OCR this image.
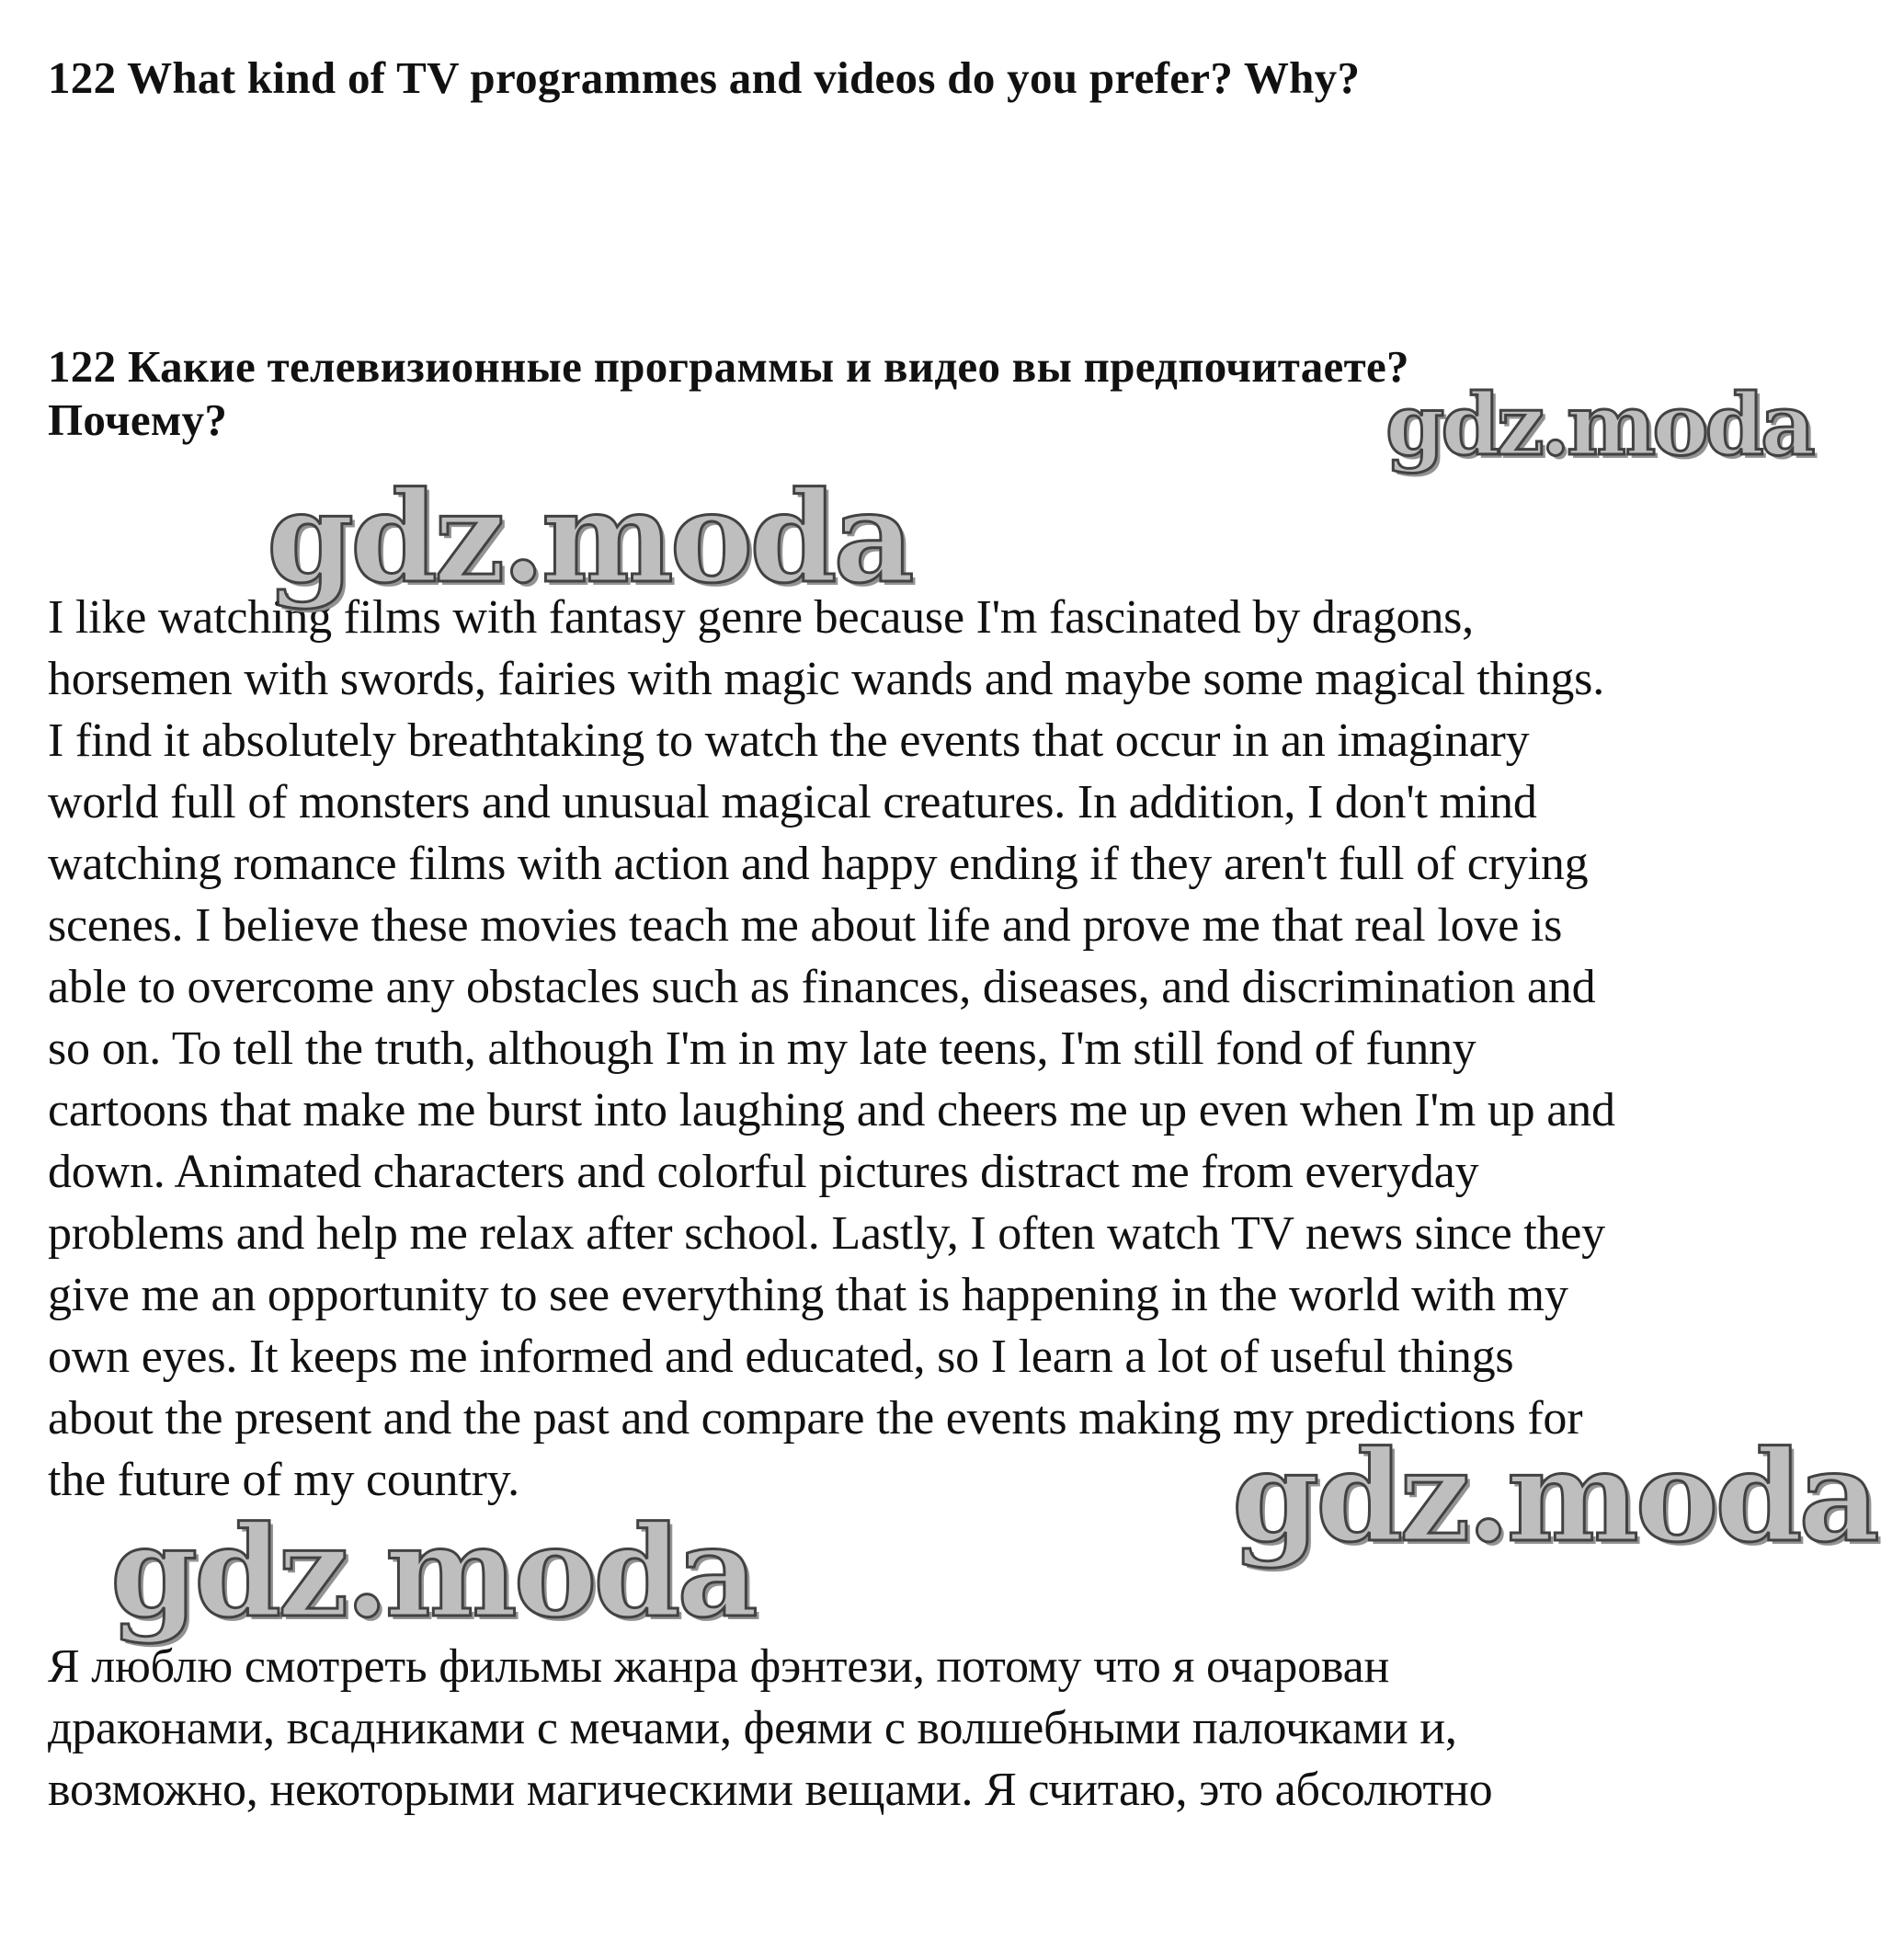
122 What kind of TV programmes and videos do you prefer? Why?
122 Какие телевизионные программы и видео вы предпочитаете?
Почему?
I like watching films with fantasy genre because I'm fascinated by dragons,
horsemen with swords, fairies with magic wands and maybe some magical things.
I find it absolutely breathtaking to watch the events that occur in an imaginary
world full of monsters and unusual magical creatures. In addition, I don't mind
watching romance films with action and happy ending if they aren't full of crying
scenes. I believe these movies teach me about life and prove me that real love is
able to overcome any obstacles such as finances, diseases, and discrimination and
so on. To tell the truth, although I'm in my late teens, I'm still fond of funny
cartoons that make me burst into laughing and cheers me up even when I'm up and
down. Animated characters and colorful pictures distract me from everyday
problems and help me relax after school. Lastly, I often watch TV news since they
give me an opportunity to see everything that is happening in the world with my
own eyes. It keeps me informed and educated, so I learn a lot of useful things
about the present and the past and compare the events making my predictions for
the future of my country.
Я люблю смотреть фильмы жанра фэнтези, потому что я очарован
драконами, всадниками с мечами, феями с волшебными палочками и,
возможно, некоторыми магическими вещами. Я считаю, это абсолютно
gdz.moda
gdz.moda
gdz.moda
gdz.moda
